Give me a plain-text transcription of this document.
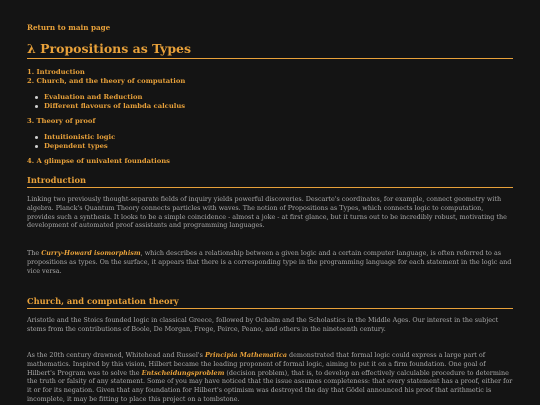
Return to main page
λ Propositions as Types
1. Introduction
2. Church, and the theory of computation
Evaluation and Reduction
Different flavours of lambda calculus
3. Theory of proof
Intuitionistic logic
Dependent types
4. A glimpse of univalent foundations
Introduction

Linking two previously thought-separate fields of inquiry yields powerful discoveries. Descarte's coordinates, for example, connect geometry with algebra. Planck's Quantum Theory connects particles with waves. The notion of Propositions as Types, which connects logic to computation, provides such a synthesis. It looks to be a simple coincidence - almost a joke - at first glance, but it turns out to be incredibly robust, motivating the development of automated proof assistants and programming languages.

The Curry-Howard isomorphism, which describes a relationship between a given logic and a certain computer language, is often referred to as propositions as types. On the surface, it appears that there is a corresponding type in the programming language for each statement in the logic and vice versa.

Church, and computation theory

Aristotle and the Stoics founded logic in classical Greece, followed by Ochalm and the Scholastics in the Middle Ages. Our interest in the subject stems from the contributions of Boole, De Morgan, Frege, Peirce, Peano, and others in the nineteenth century.

As the 20th century drawned, Whitehead and Russel's Principia Mathematica demonstrated that formal logic could express a large part of mathematics. Inspired by this vision, Hilbert became the leading proponent of formal logic, aiming to put it on a firm foundation. One goal of Hilbert's Program was to solve the Entscheidungsproblem (decision problem), that is, to develop an effectively calculable procedure to determine the truth or falsity of any statement. Some of you may have noticed that the issue assumes completeness: that every statement has a proof, either for it or for its negation. Given that any foundation for Hilbert's optimism was destroyed the day that Gödel announced his proof that arithmetic is incomplete, it may be fitting to place this project on a tombstone.
